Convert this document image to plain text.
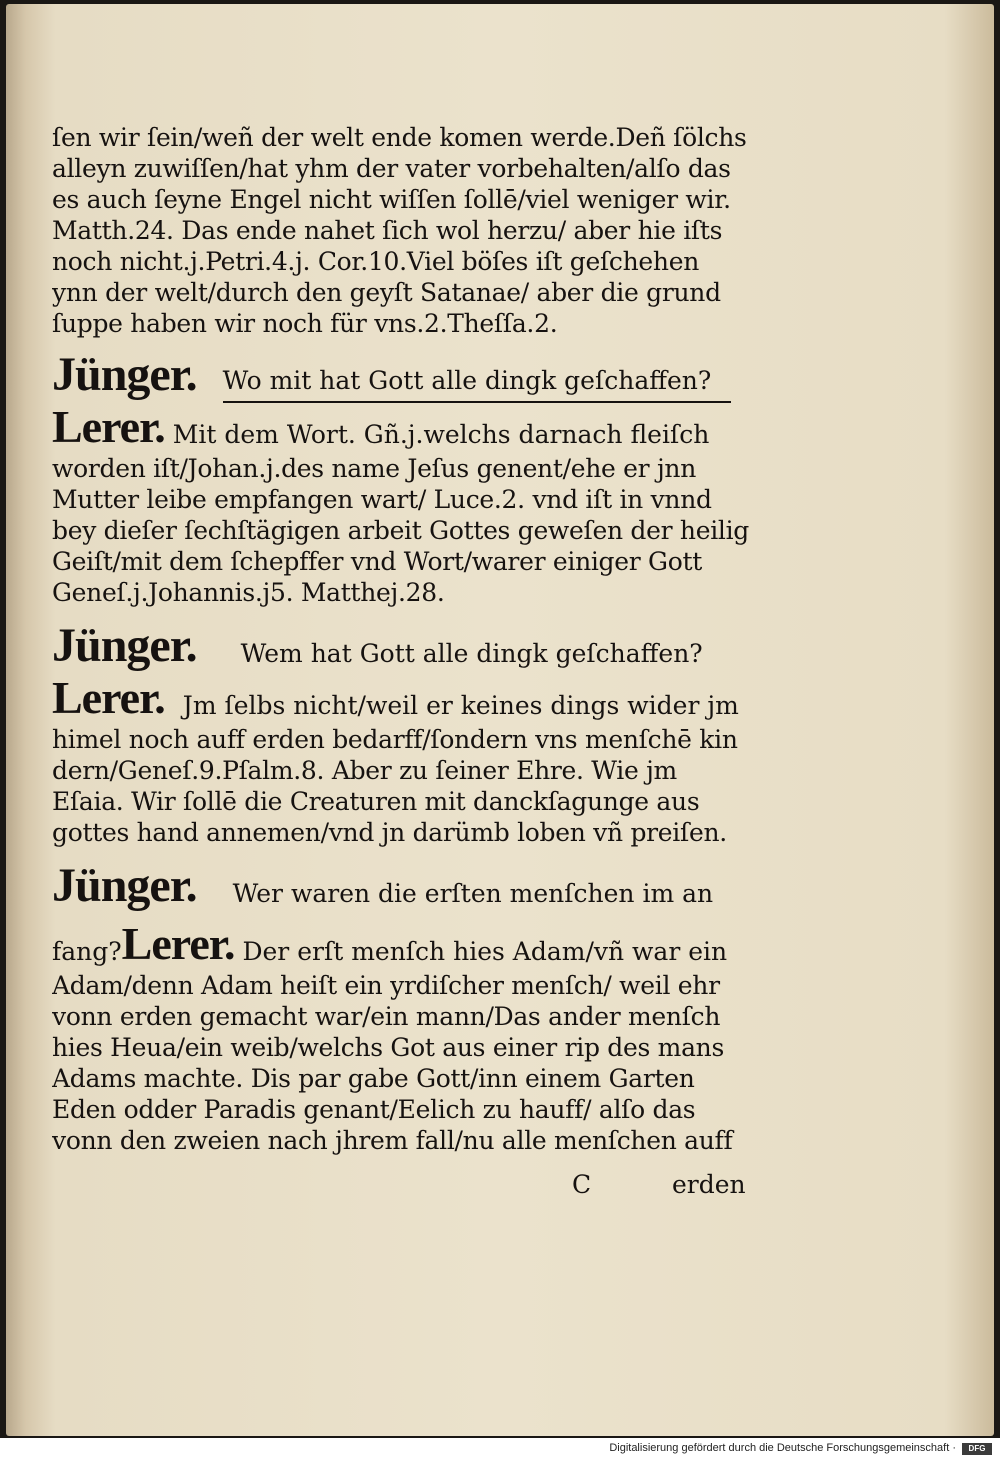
ſen wir ſein/weñ der welt ende komen werde.Deñ ſölchs
alleyn zuwiſſen/hat yhm der vater vorbehalten/alſo das
es auch ſeyne Engel nicht wiſſen ſollē/viel weniger wir.
Matth.24. Das ende nahet ſich wol herzu/ aber hie iſts
noch nicht.j.Petri.4.j. Cor.10.Viel böſes iſt geſchehen
ynn der welt/durch den geyſt Satanae/ aber die grund
ſuppe haben wir noch für vns.2.Theſſa.2.
Jünger. Wo mit hat Gott alle dingk geſchaffen?
Lerer. Mit dem Wort. Gñ.j.welchs darnach fleiſch
worden iſt/Johan.j.des name Jeſus genent/ehe er jnn
Mutter leibe empfangen wart/ Luce.2. vnd iſt in vnnd
bey dieſer ſechſtägigen arbeit Gottes geweſen der heilig
Geiſt/mit dem ſchepffer vnd Wort/warer einiger Gott
Geneſ.j.Johannis.j5. Matthej.28.
Jünger. Wem hat Gott alle dingk geſchaffen?
Lerer. Jm ſelbs nicht/weil er keines dings wider jm
himel noch auff erden bedarff/ſondern vns menſchē kin
dern/Geneſ.9.Pſalm.8. Aber zu ſeiner Ehre. Wie jm
Eſaia. Wir ſollē die Creaturen mit danckſagunge aus
gottes hand annemen/vnd jn darümb loben vñ preiſen.
Jünger. Wer waren die erſten menſchen im an
fang? Lerer. Der erſt menſch hies Adam/vñ war ein
Adam/denn Adam heiſt ein yrdiſcher menſch/ weil ehr
vonn erden gemacht war/ein mann/Das ander menſch
hies Heua/ein weib/welchs Got aus einer rip des mans
Adams machte. Dis par gabe Gott/inn einem Garten
Eden odder Paradis genant/Eelich zu hauff/ alſo das
vonn den zweien nach jhrem fall/nu alle menſchen auff
C	erden
Digitalisierung gefördert durch die Deutsche Forschungsgemeinschaft ·	DFG
